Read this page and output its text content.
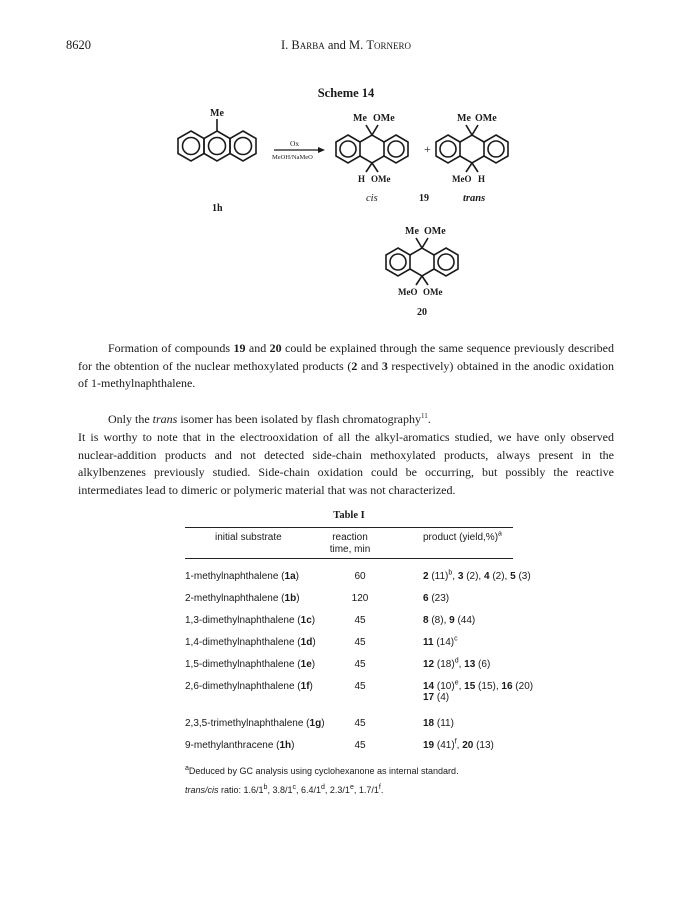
8620	I. Barba and M. Tornero
Scheme 14
Me
1h
Ox
MeOH/NaMeO
Me OMe
H OMe
cis
+
19
Me OMe
MeO H
trans
Me OMe
MeO OMe
20
Formation of compounds 19 and 20 could be explained through the same sequence previously described for the obtention of the nuclear methoxylated products (2 and 3 respectively) obtained in the anodic oxidation of 1-methylnaphthalene.
Only the trans isomer has been isolated by flash chromatography$^{11}$.
It is worthy to note that in the electrooxidation of all the alkyl-aromatics studied, we have only observed nuclear-addition products and not detected side-chain methoxylated products, always present in the alkylbenzenes previously studied. Side-chain oxidation could be occurring, but possibly the reactive intermediates lead to dimeric or polymeric material that was not characterized.
Table I
initial substrate	reaction
time, min
product (yield,%)$^a$
1-methylnaphthalene (1a)	60	2 $(11)^b$, 3 (2), 4 (2), 5 (3)
2-methylnaphthalene (1b)	120	6 (23)
1,3-dimethylnaphthalene (1c)	45	8 (8), 9 (44)
1,4-dimethylnaphthalene (1d)	45	11 $(14)^c$
1,5-dimethylnaphthalene (1e)	45	12 $(18)^d$, 13 (6)
2,6-dimethylnaphthalene (1f)	45	14 $(10)^e$, 15 (15), 16 (20)
17 (4)
2,3,5-trimethylnaphthalene (1g)	45	18 (11)
9-methylanthracene (1h)	45	19 $(41)^f$, 20 (13)
$^a$Deduced by GC analysis using cyclohexanone as internal standard.
trans/cis ratio: 1.6/1$^b$, 3.8/1$^c$, 6.4/1$^d$, 2.3/1e, 1.7/1$^f$.
